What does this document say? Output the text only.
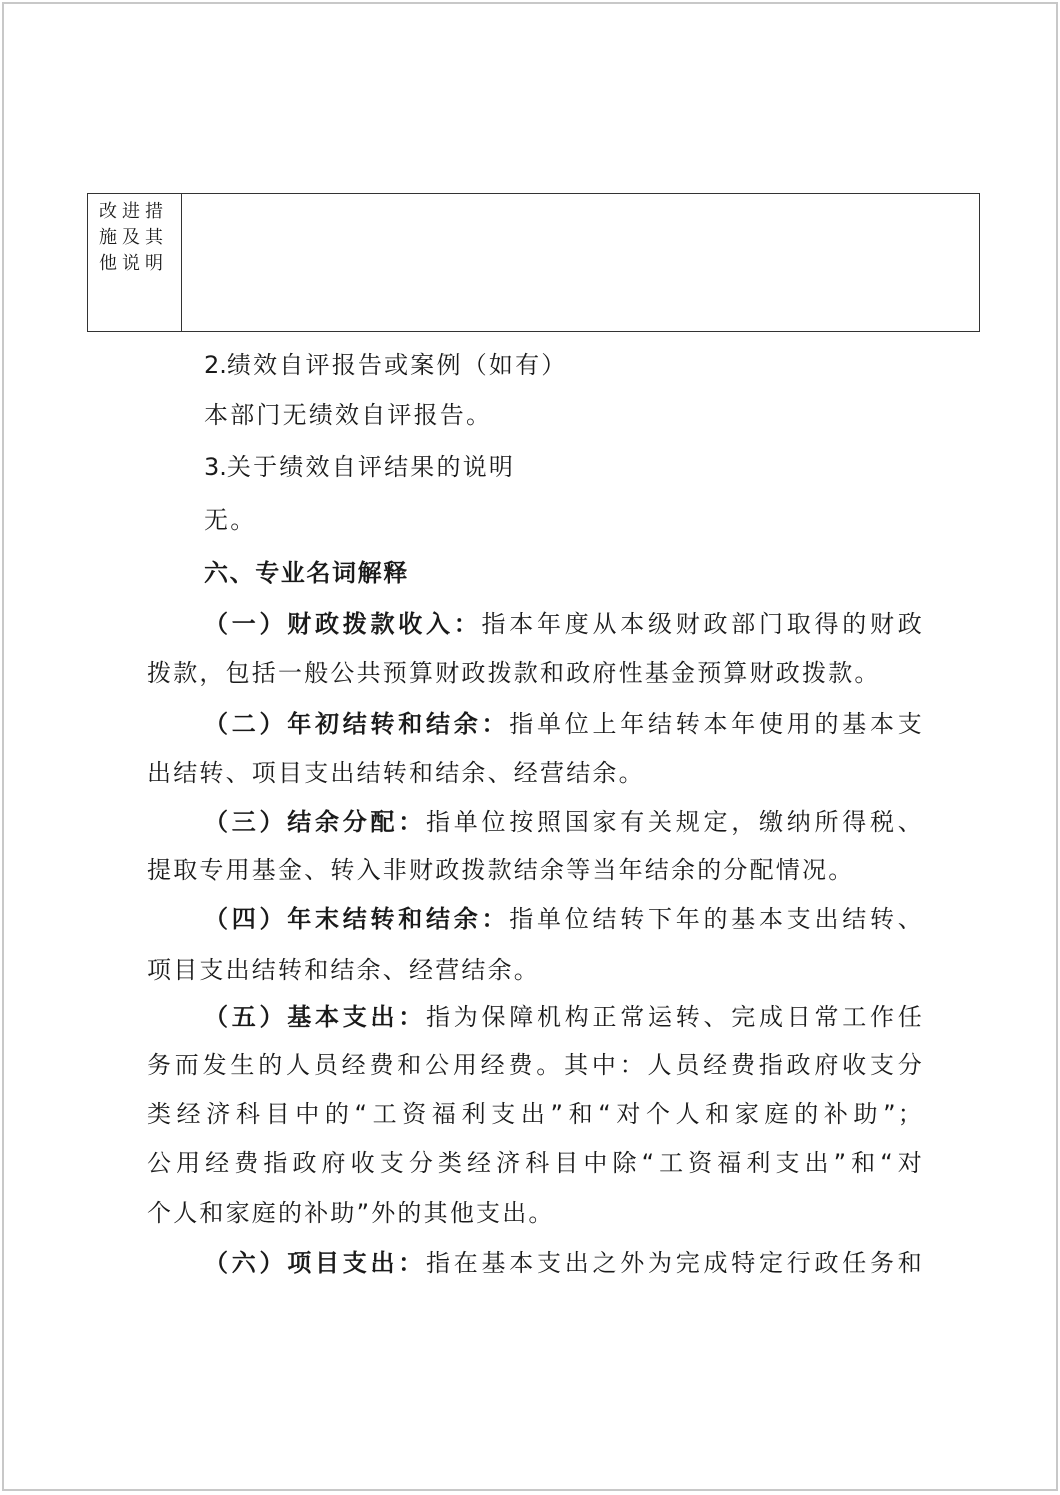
改进措
施及其
他说明
2.绩效自评报告或案例（如有）
本部门无绩效自评报告。
3.关于绩效自评结果的说明
无。
六、专业名词解释
（一）财政拨款收入：指本年度从本级财政部门取得的财政
拨款，包括一般公共预算财政拨款和政府性基金预算财政拨款。
（二）年初结转和结余：指单位上年结转本年使用的基本支
出结转、项目支出结转和结余、经营结余。
（三）结余分配：指单位按照国家有关规定，缴纳所得税、
提取专用基金、转入非财政拨款结余等当年结余的分配情况。
（四）年末结转和结余：指单位结转下年的基本支出结转、
项目支出结转和结余、经营结余。
（五）基本支出：指为保障机构正常运转、完成日常工作任
务而发生的人员经费和公用经费。其中：人员经费指政府收支分
类经济科目中的“工资福利支出”和“对个人和家庭的补助”；
公用经费指政府收支分类经济科目中除“工资福利支出”和“对
个人和家庭的补助”外的其他支出。
（六）项目支出：指在基本支出之外为完成特定行政任务和
